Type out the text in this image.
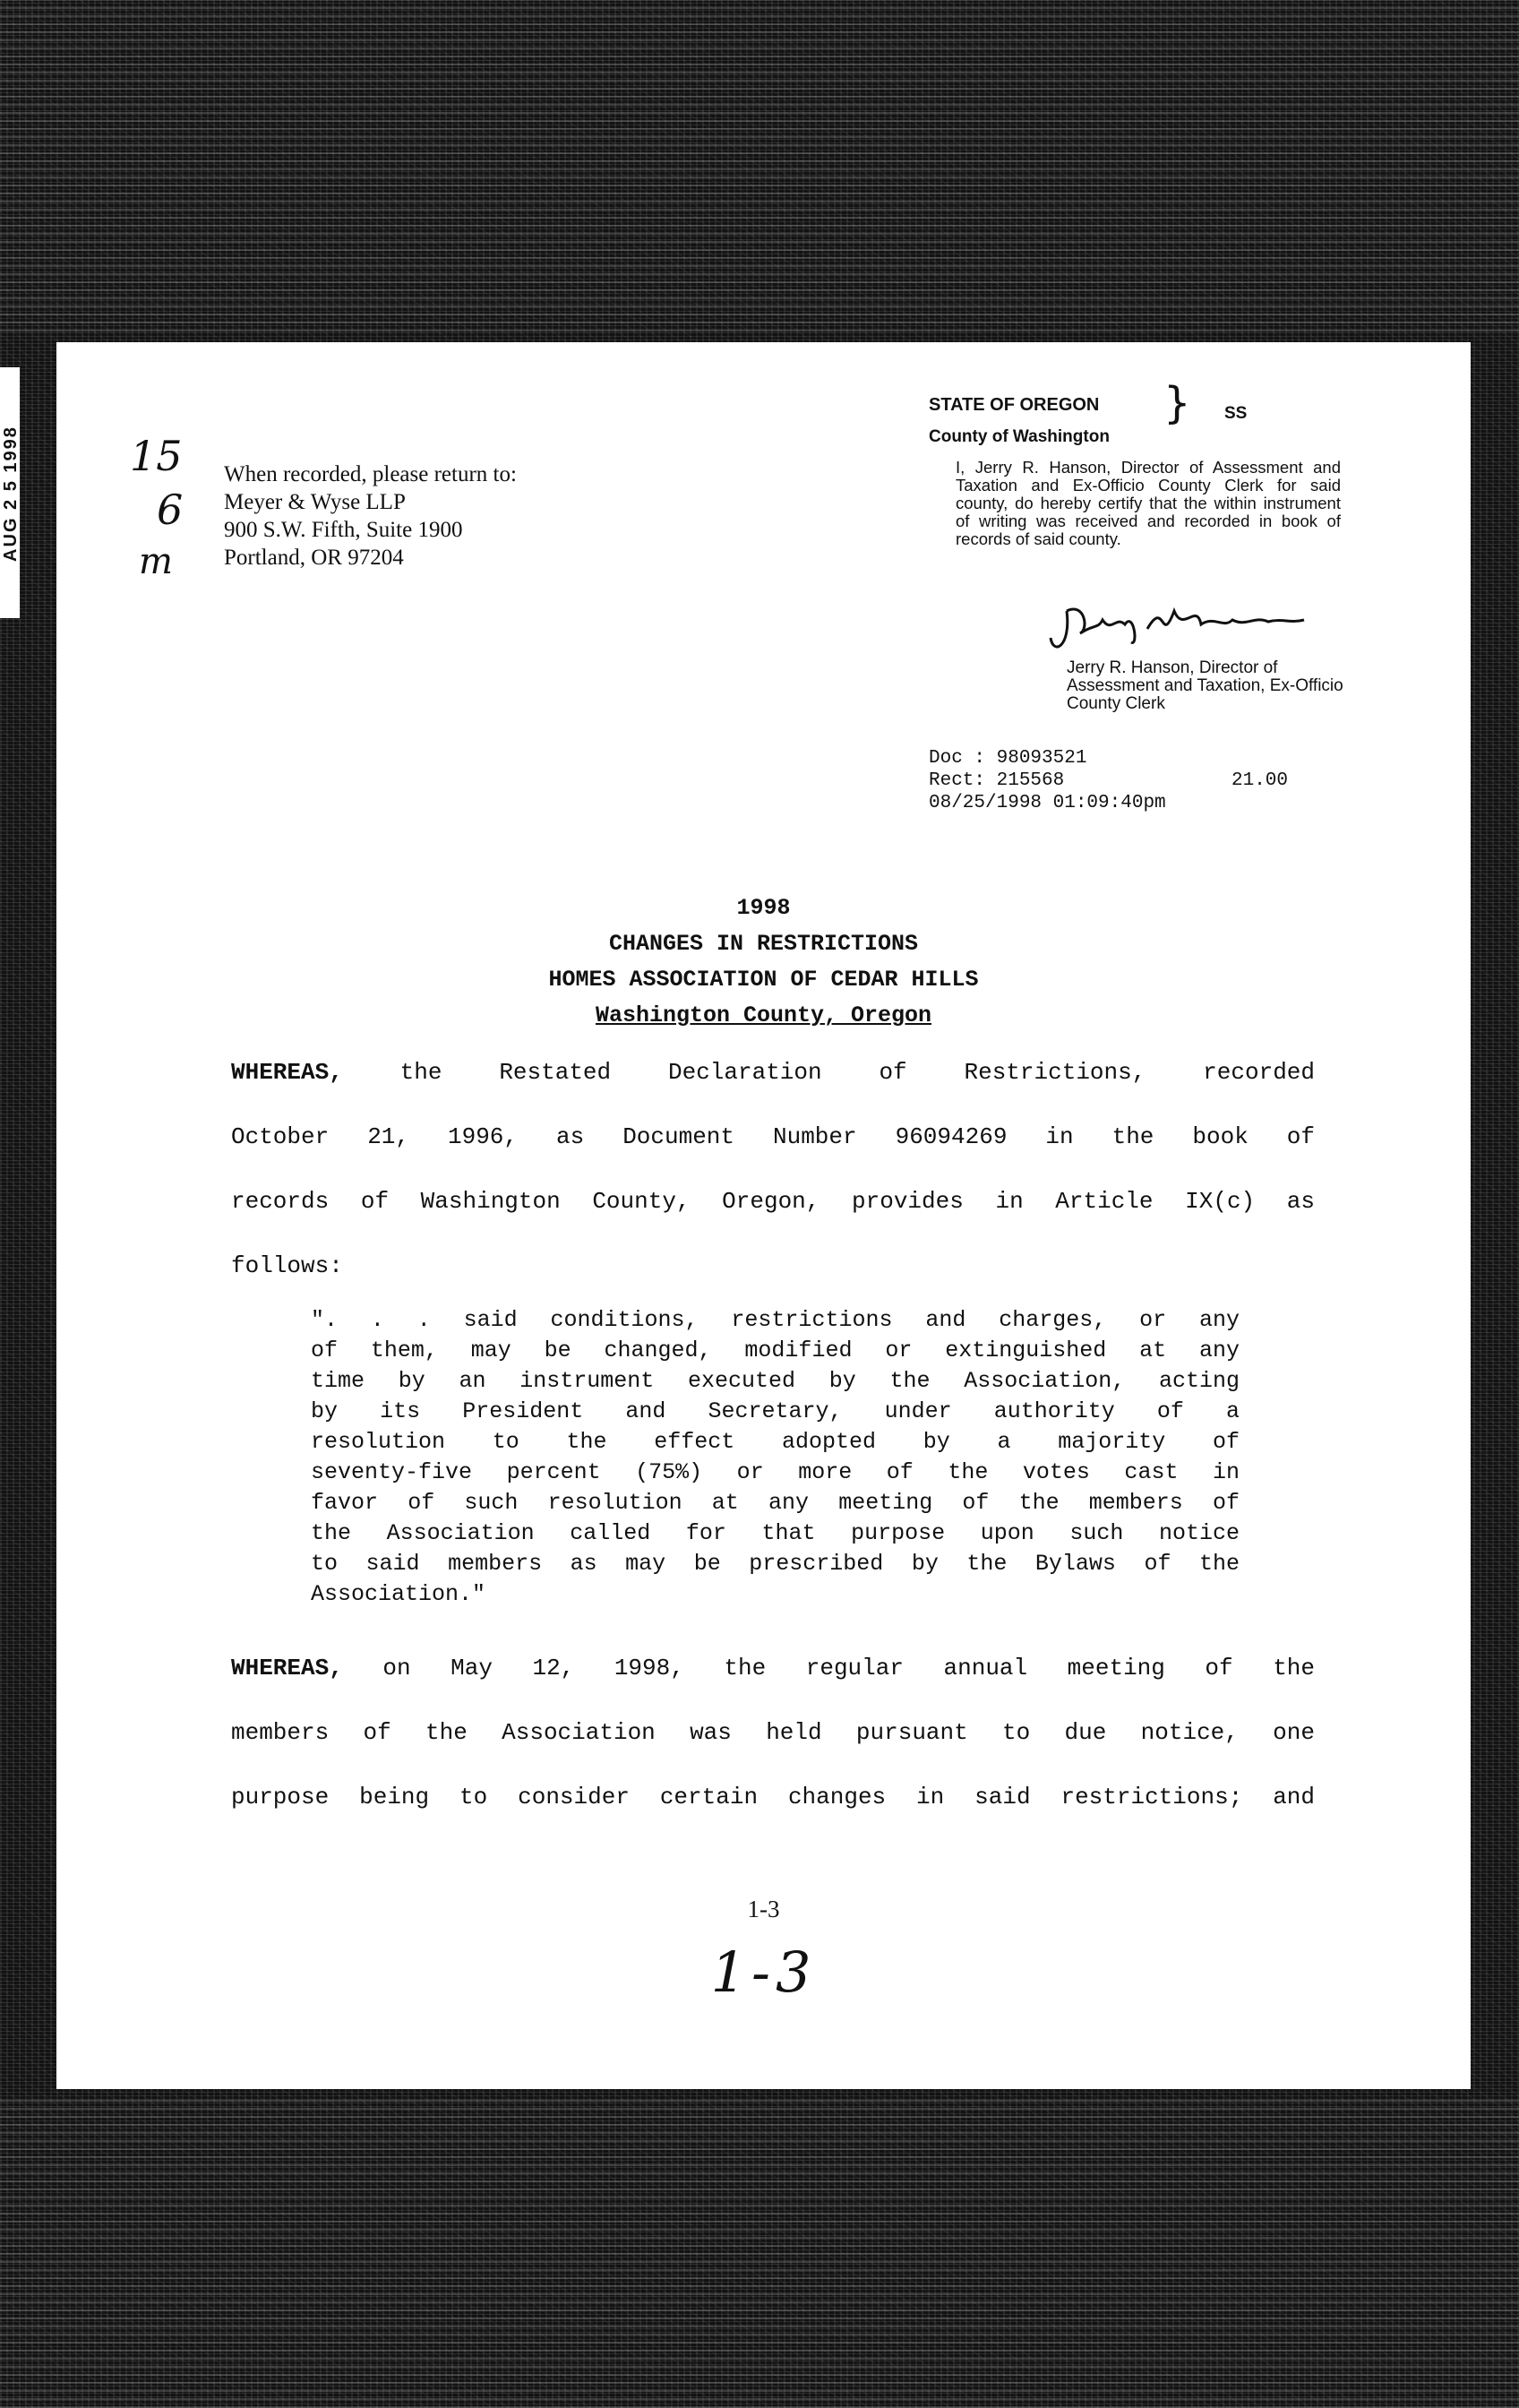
AUG 2 5 1998	15
6
m
When recorded, please return to:
Meyer & Wyse LLP
900 S.W. Fifth, Suite 1900
Portland, OR 97204
STATE OF OREGON
County of Washington
} SS
I, Jerry R. Hanson, Director of Assessment and Taxation and Ex-Officio County Clerk for said county, do hereby certify that the within instrument of writing was received and recorded in book of records of said county.
Jerry R. Hanson, Director of Assessment and Taxation, Ex-Officio County Clerk
Doc : 98093521
Rect: 215568	21.00
08/25/1998 01:09:40pm
1998
CHANGES IN RESTRICTIONS
HOMES ASSOCIATION OF CEDAR HILLS
Washington County, Oregon
WHEREAS, the Restated Declaration of Restrictions, recorded
October 21, 1996, as Document Number 96094269 in the book of
records of Washington County, Oregon, provides in Article IX(c) as
follows:
". . . said conditions, restrictions and charges, or any
of them, may be changed, modified or extinguished at any
time by an instrument executed by the Association, acting
by its President and Secretary, under authority of a
resolution to the effect adopted by a majority of
seventy-five percent (75%) or more of the votes cast in
favor of such resolution at any meeting of the members of
the Association called for that purpose upon such notice
to said members as may be prescribed by the Bylaws of the
Association."
WHEREAS, on May 12, 1998, the regular annual meeting of the
members of the Association was held pursuant to due notice, one
purpose being to consider certain changes in said restrictions; and
1-3
1-3
